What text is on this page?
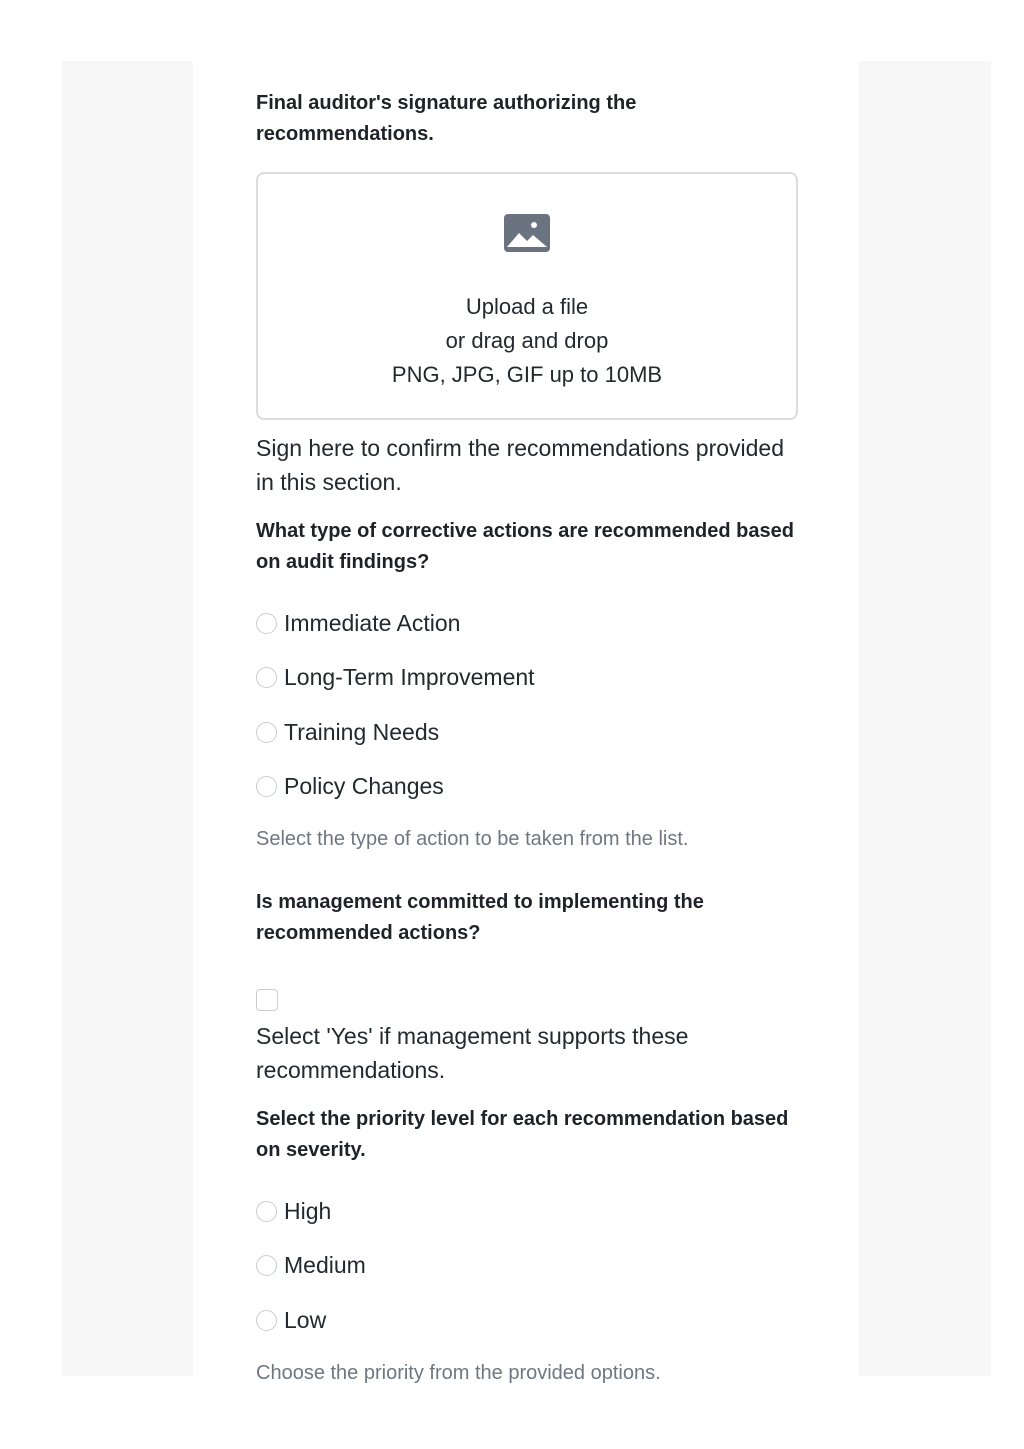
Final auditor's signature authorizing the recommendations.

Upload a file
or drag and drop
PNG, JPG, GIF up to 10MB
Sign here to confirm the recommendations provided in this section.

What type of corrective actions are recommended based on audit findings?

Immediate Action
Long-Term Improvement
Training Needs
Policy Changes
Select the type of action to be taken from the list.

Is management committed to implementing the recommended actions?

Select 'Yes' if management supports these recommendations.

Select the priority level for each recommendation based on severity.

High
Medium
Low
Choose the priority from the provided options.
